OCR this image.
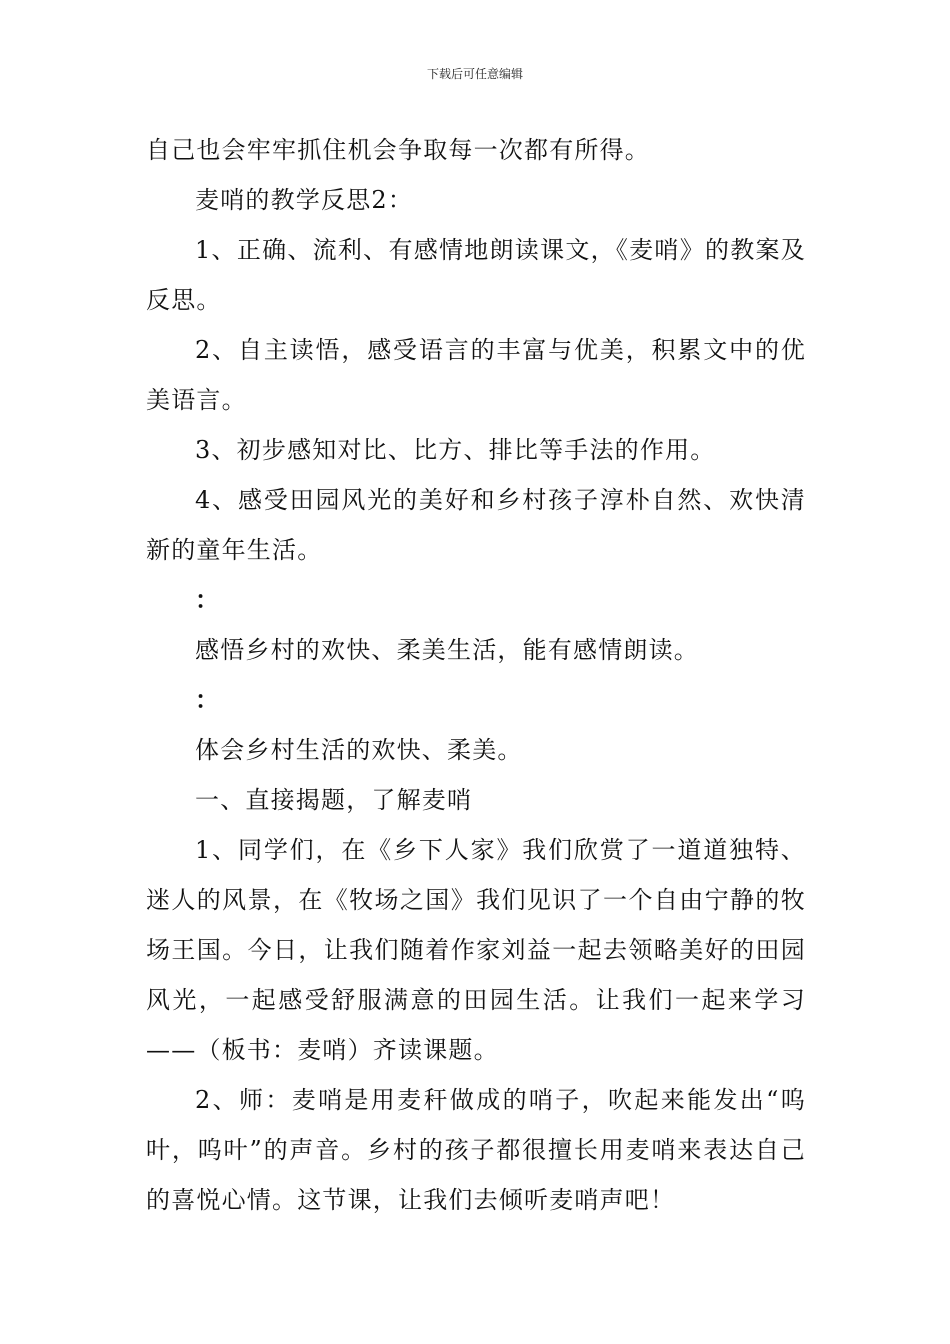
下载后可任意编辑

自己也会牢牢抓住机会争取每一次都有所得。

麦哨的教学反思2：

1、正确、流利、有感情地朗读课文，《麦哨》的教案及反思。

2、自主读悟，感受语言的丰富与优美，积累文中的优美语言。

3、初步感知对比、比方、排比等手法的作用。

4、感受田园风光的美好和乡村孩子淳朴自然、欢快清新的童年生活。

：

感悟乡村的欢快、柔美生活，能有感情朗读。

：

体会乡村生活的欢快、柔美。

一、直接揭题，了解麦哨

1、同学们，在《乡下人家》我们欣赏了一道道独特、迷人的风景，在《牧场之国》我们见识了一个自由宁静的牧场王国。今日，让我们随着作家刘益一起去领略美好的田园风光，一起感受舒服满意的田园生活。让我们一起来学习——（板书：麦哨）齐读课题。

2、师：麦哨是用麦秆做成的哨子，吹起来能发出“呜叶，呜叶”的声音。乡村的孩子都很擅长用麦哨来表达自己的喜悦心情。这节课，让我们去倾听麦哨声吧！
